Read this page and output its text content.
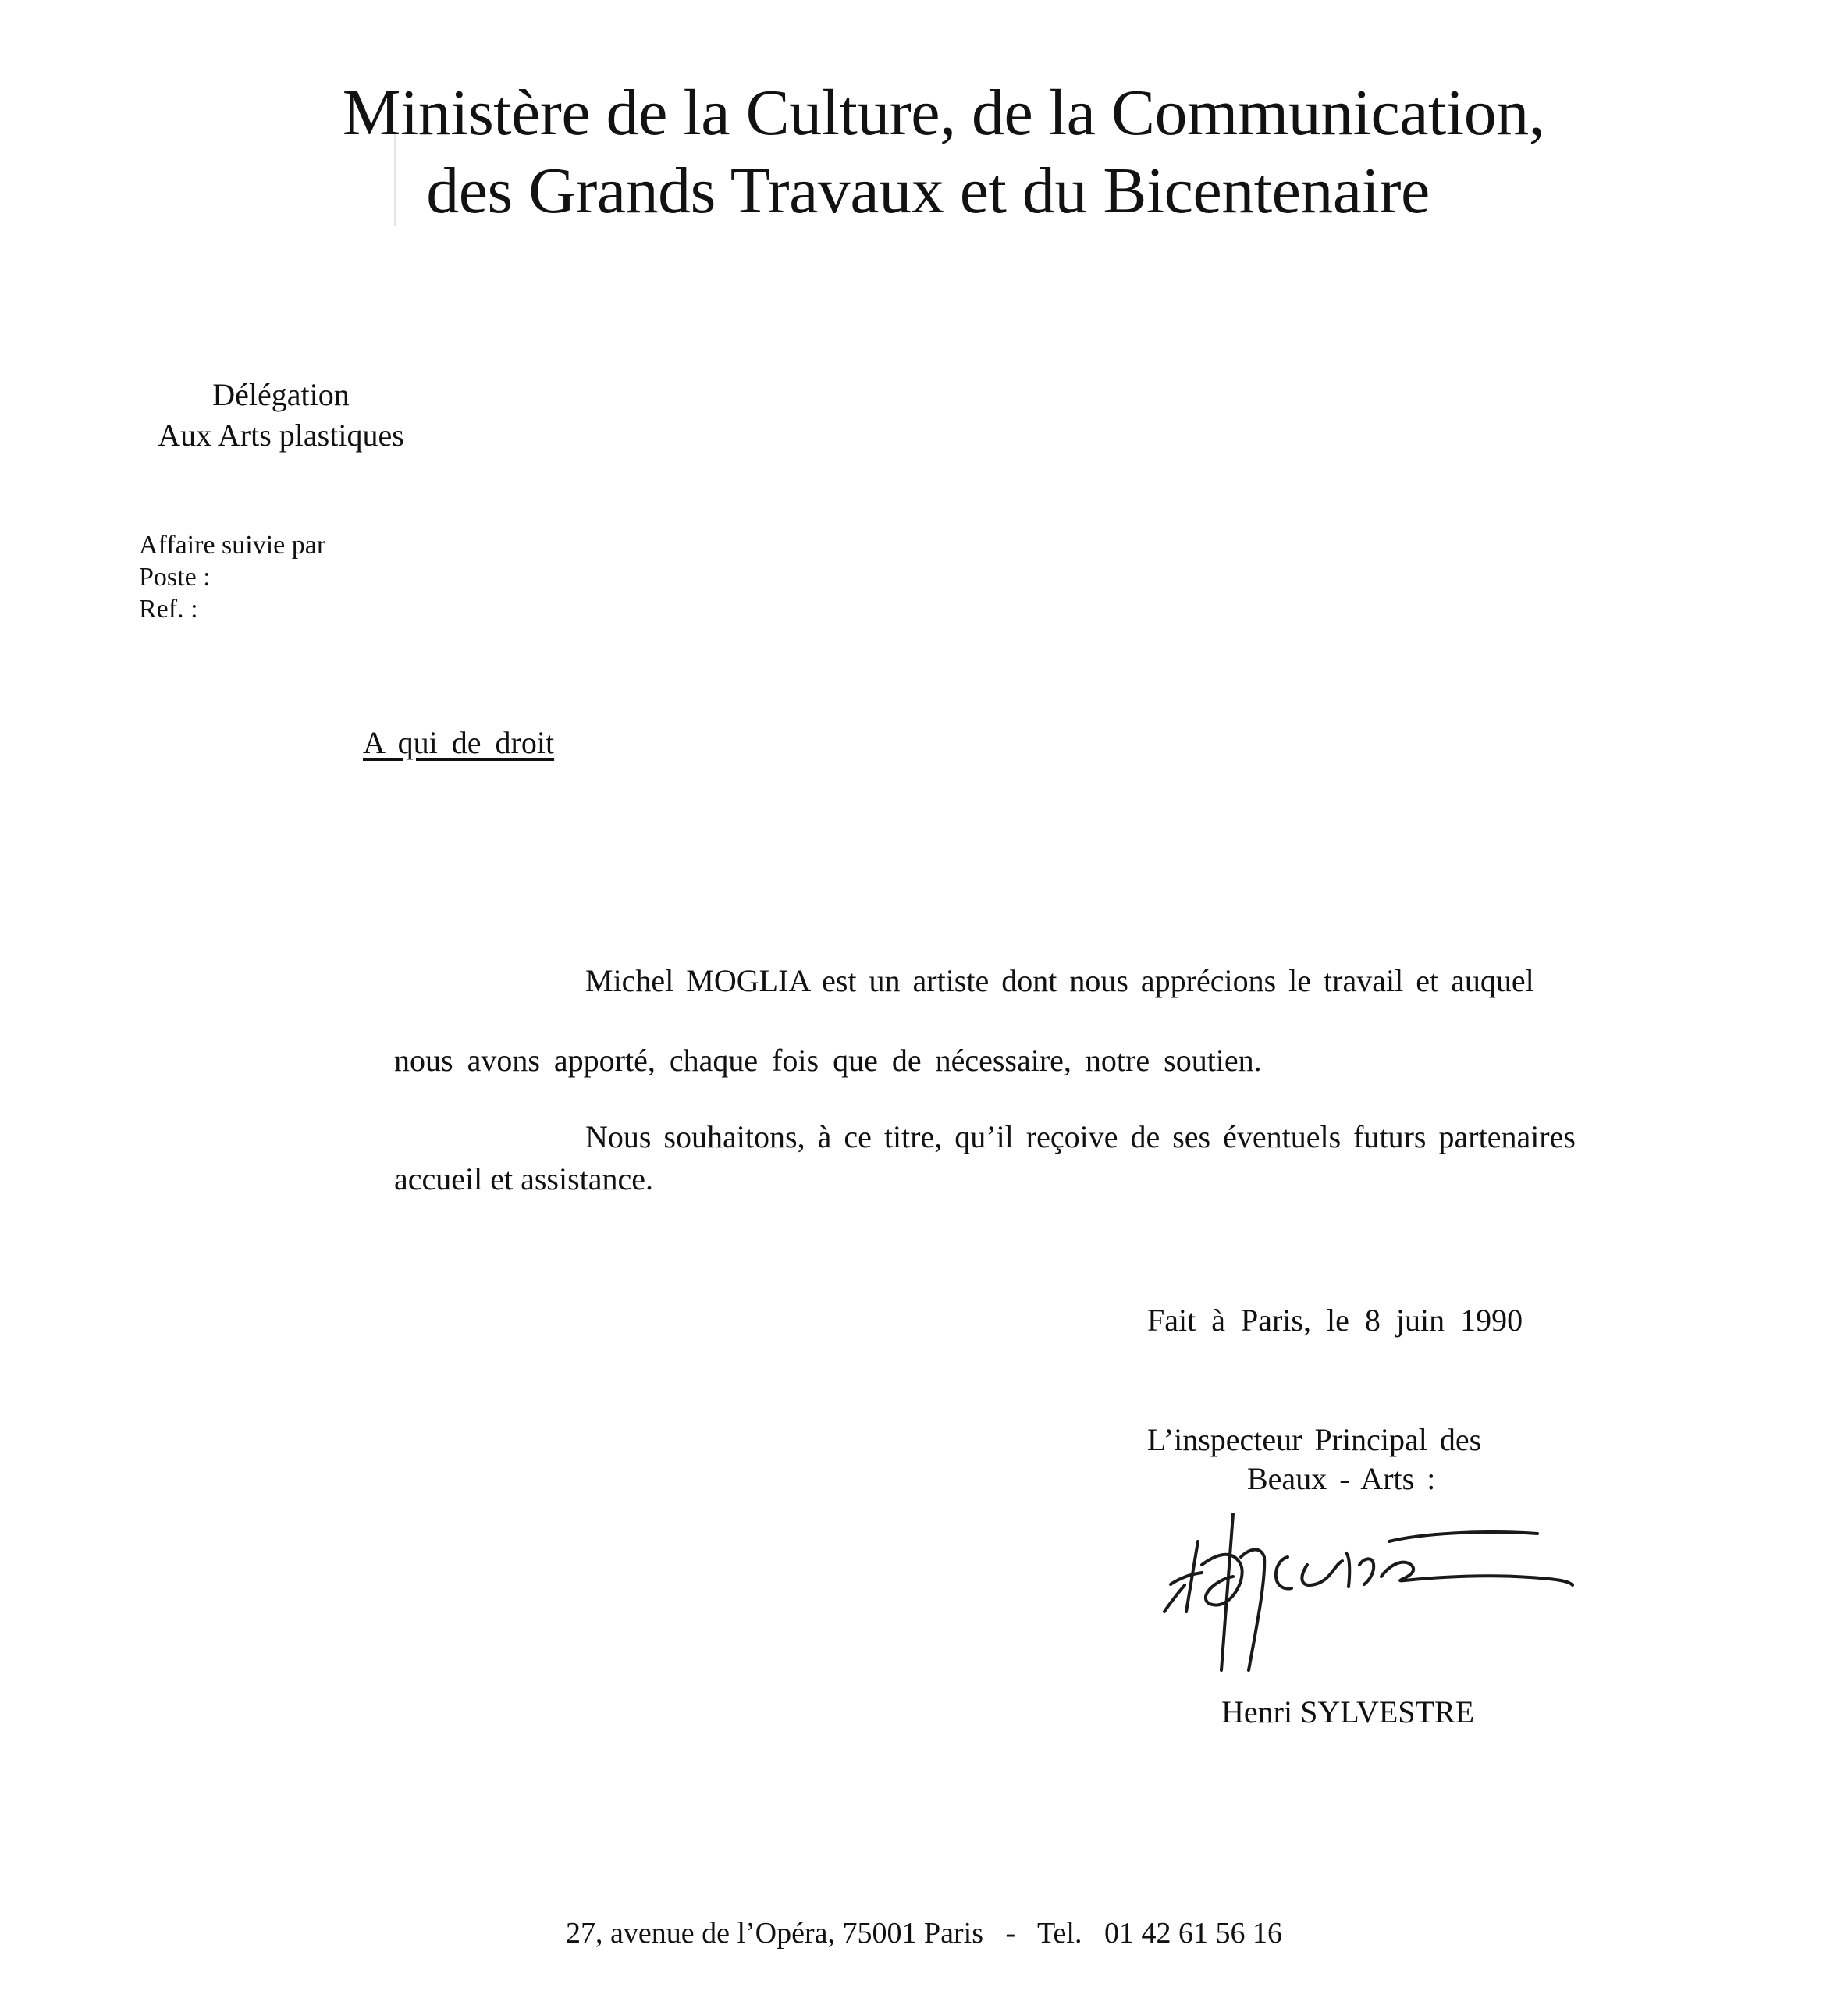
Ministère de la Culture, de la Communication,
des Grands Travaux et du Bicentenaire
Délégation
Aux Arts plastiques
Affaire suivie par
Poste :
Ref. :
A qui de droit
Michel MOGLIA est un artiste dont nous apprécions le travail et auquel
nous avons apporté, chaque fois que de nécessaire, notre soutien.
Nous souhaitons, à ce titre, qu’il reçoive de ses éventuels futurs partenaires
accueil et assistance.
Fait à Paris, le 8 juin 1990
L’inspecteur Principal des
Beaux - Arts :
Henri SYLVESTRE
27, avenue de l’Opéra, 75001 Paris - Tel. 01 42 61 56 16
